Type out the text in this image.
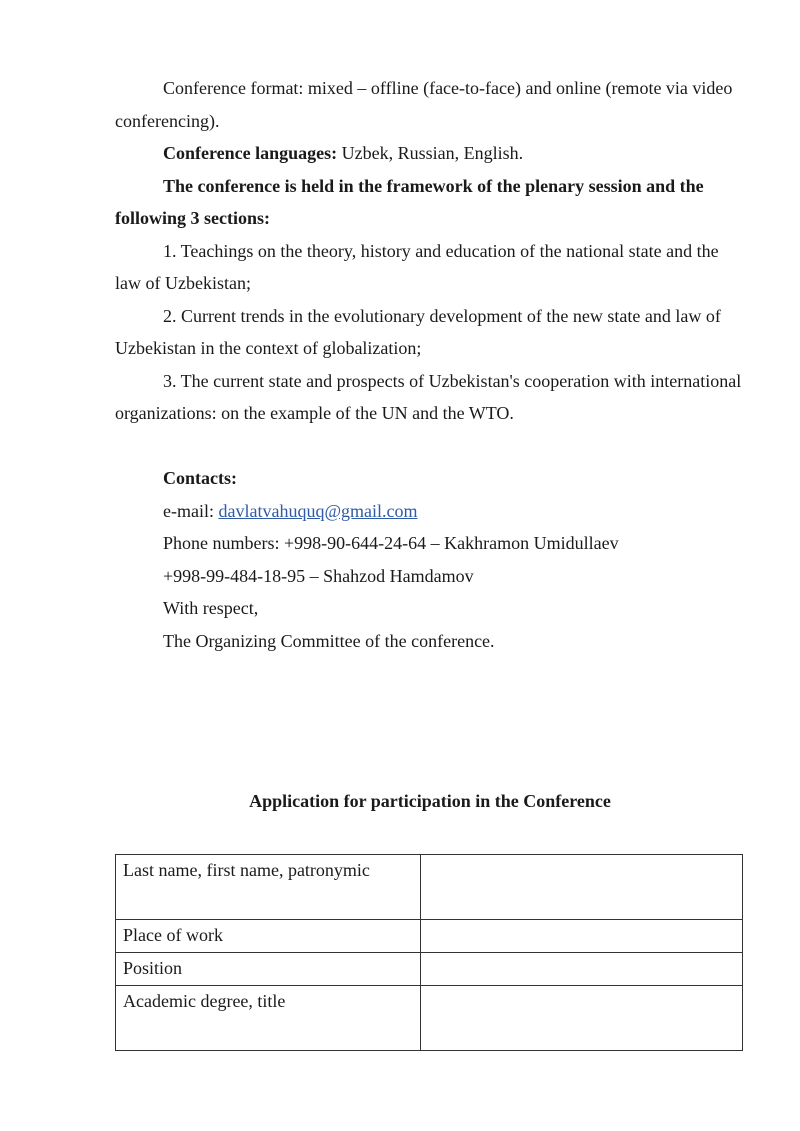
Conference format: mixed – offline (face-to-face) and online (remote via video conferencing).

Conference languages: Uzbek, Russian, English.

The conference is held in the framework of the plenary session and the following 3 sections:

1. Teachings on the theory, history and education of the national state and the law of Uzbekistan;

2. Current trends in the evolutionary development of the new state and law of Uzbekistan in the context of globalization;

3. The current state and prospects of Uzbekistan's cooperation with international organizations: on the example of the UN and the WTO.

Contacts:

e-mail: davlatvahuquq@gmail.com

Phone numbers: +998-90-644-24-64 – Kakhramon Umidullaev

+998-99-484-18-95 – Shahzod Hamdamov

With respect,

The Organizing Committee of the conference.

Application for participation in the Conference
Last name, first name, patronymic	
Place of work	
Position	
Academic degree, title	
